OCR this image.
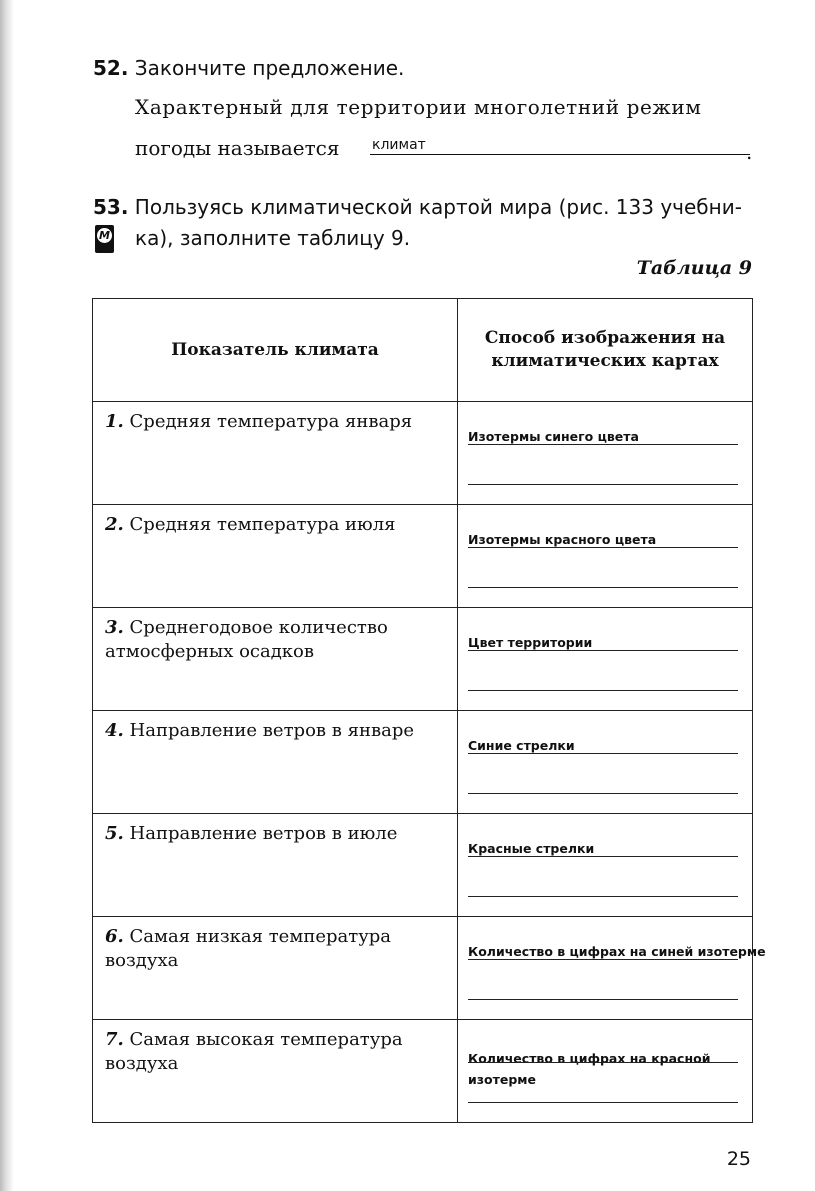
52. Закончите предложение.
Характерный для территории многолетний режим
погоды называется климат	.
53. Пользуясь климатической картой мира (рис. 133 учебни-
ка), заполните таблицу 9.
М
Таблица 9
Показатель климата	Способ изображения на климатических картах

1. Средняя температура января	Изотермы синего цвета

2. Средняя температура июля	Изотермы красного цвета

3. Среднегодовое количество атмосферных осадков	Цвет территории

4. Направление ветров в январе	Синие стрелки

5. Направление ветров в июле	Красные стрелки

6. Самая низкая температура воздуха	Количество в цифрах на синей изотерме

7. Самая высокая температура воздуха	Количество в цифрах на красной изотерме
25
